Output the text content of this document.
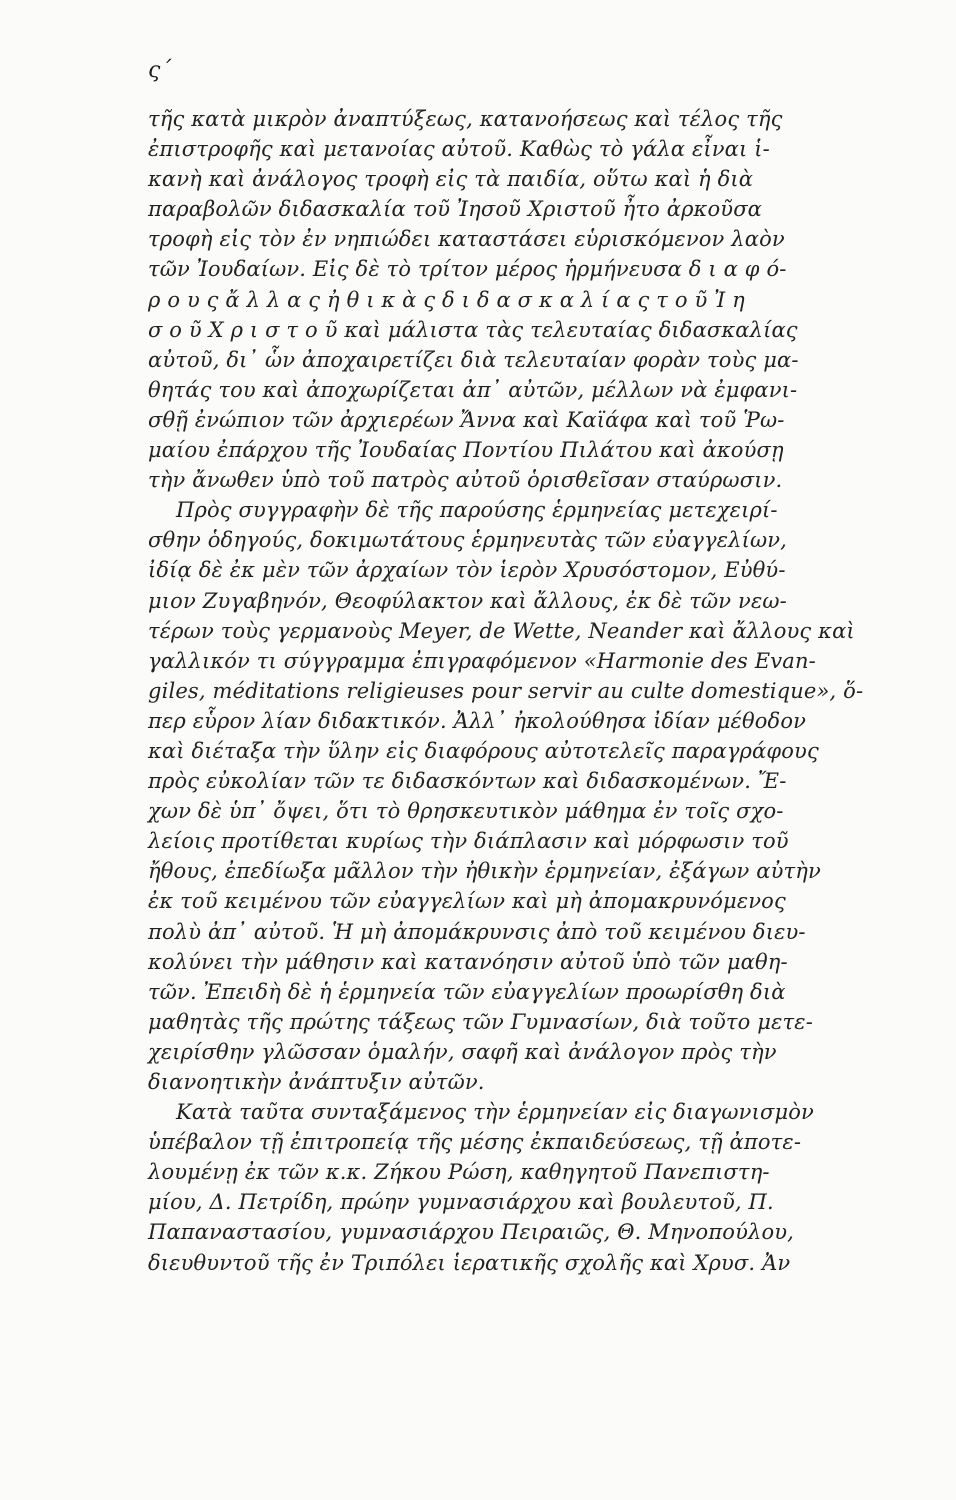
ς΄
τῆς κατὰ μικρὸν ἀναπτύξεως, κατανοήσεως καὶ τέλος τῆς
ἐπιστροφῆς καὶ μετανοίας αὐτοῦ. Καθὼς τὸ γάλα εἶναι ἱ-
κανὴ καὶ ἀνάλογος τροφὴ εἰς τὰ παιδία, οὕτω καὶ ἡ διὰ
παραβολῶν διδασκαλία τοῦ Ἰησοῦ Χριστοῦ ἦτο ἀρκοῦσα
τροφὴ εἰς τὸν ἐν νηπιώδει καταστάσει εὑρισκόμενον λαὸν
τῶν Ἰουδαίων. Εἰς δὲ τὸ τρίτον μέρος ἡρμήνευσα δ ι α φ ό-
ρ ο υ ς ἄ λ λ α ς ἠ θ ι κ ὰ ς δ ι δ α σ κ α λ ί α ς τ ο ῦ Ἰ η
σ ο ῦ Χ ρ ι σ τ ο ῦ καὶ μάλιστα τὰς τελευταίας διδασκαλίας
αὐτοῦ, δι᾽ ὧν ἀποχαιρετίζει διὰ τελευταίαν φορὰν τοὺς μα-
θητάς του καὶ ἀποχωρίζεται ἀπ᾽ αὐτῶν, μέλλων νὰ ἐμφανι-
σθῇ ἐνώπιον τῶν ἀρχιερέων Ἄννα καὶ Καϊάφα καὶ τοῦ Ῥω-
μαίου ἐπάρχου τῆς Ἰουδαίας Ποντίου Πιλάτου καὶ ἀκούσῃ
τὴν ἄνωθεν ὑπὸ τοῦ πατρὸς αὐτοῦ ὁρισθεῖσαν σταύρωσιν.
Πρὸς συγγραφὴν δὲ τῆς παρούσης ἑρμηνείας μετεχειρί-
σθην ὁδηγούς, δοκιμωτάτους ἑρμηνευτὰς τῶν εὐαγγελίων,
ἰδίᾳ δὲ ἐκ μὲν τῶν ἀρχαίων τὸν ἱερὸν Χρυσόστομον, Εὐθύ-
μιον Ζυγαβηνόν, Θεοφύλακτον καὶ ἄλλους, ἐκ δὲ τῶν νεω-
τέρων τοὺς γερμανοὺς Meyer, de Wette, Neander καὶ ἄλλους καὶ
γαλλικόν τι σύγγραμμα ἐπιγραφόμενον «Harmonie des Evan-
giles, méditations religieuses pour servir au culte domestique», ὅ-
περ εὗρον λίαν διδακτικόν. Ἀλλ᾽ ἠκολούθησα ἰδίαν μέθοδον
καὶ διέταξα τὴν ὕλην εἰς διαφόρους αὐτοτελεῖς παραγράφους
πρὸς εὐκολίαν τῶν τε διδασκόντων καὶ διδασκομένων. Ἔ-
χων δὲ ὑπ᾽ ὄψει, ὅτι τὸ θρησκευτικὸν μάθημα ἐν τοῖς σχο-
λείοις προτίθεται κυρίως τὴν διάπλασιν καὶ μόρφωσιν τοῦ
ἤθους, ἐπεδίωξα μᾶλλον τὴν ἠθικὴν ἑρμηνείαν, ἐξάγων αὐτὴν
ἐκ τοῦ κειμένου τῶν εὐαγγελίων καὶ μὴ ἀπομακρυνόμενος
πολὺ ἀπ᾽ αὐτοῦ. Ἡ μὴ ἀπομάκρυνσις ἀπὸ τοῦ κειμένου διευ-
κολύνει τὴν μάθησιν καὶ κατανόησιν αὐτοῦ ὑπὸ τῶν μαθη-
τῶν. Ἐπειδὴ δὲ ἡ ἑρμηνεία τῶν εὐαγγελίων προωρίσθη διὰ
μαθητὰς τῆς πρώτης τάξεως τῶν Γυμνασίων, διὰ τοῦτο μετε-
χειρίσθην γλῶσσαν ὁμαλήν, σαφῆ καὶ ἀνάλογον πρὸς τὴν
διανοητικὴν ἀνάπτυξιν αὐτῶν.
Κατὰ ταῦτα συνταξάμενος τὴν ἑρμηνείαν εἰς διαγωνισμὸν
ὑπέβαλον τῇ ἐπιτροπείᾳ τῆς μέσης ἐκπαιδεύσεως, τῇ ἀποτε-
λουμένῃ ἐκ τῶν κ.κ. Ζήκου Ρώση, καθηγητοῦ Πανεπιστη-
μίου, Δ. Πετρίδη, πρώην γυμνασιάρχου καὶ βουλευτοῦ, Π.
Παπαναστασίου, γυμνασιάρχου Πειραιῶς, Θ. Μηνοπούλου,
διευθυντοῦ τῆς ἐν Τριπόλει ἱερατικῆς σχολῆς καὶ Χρυσ. Ἀν
